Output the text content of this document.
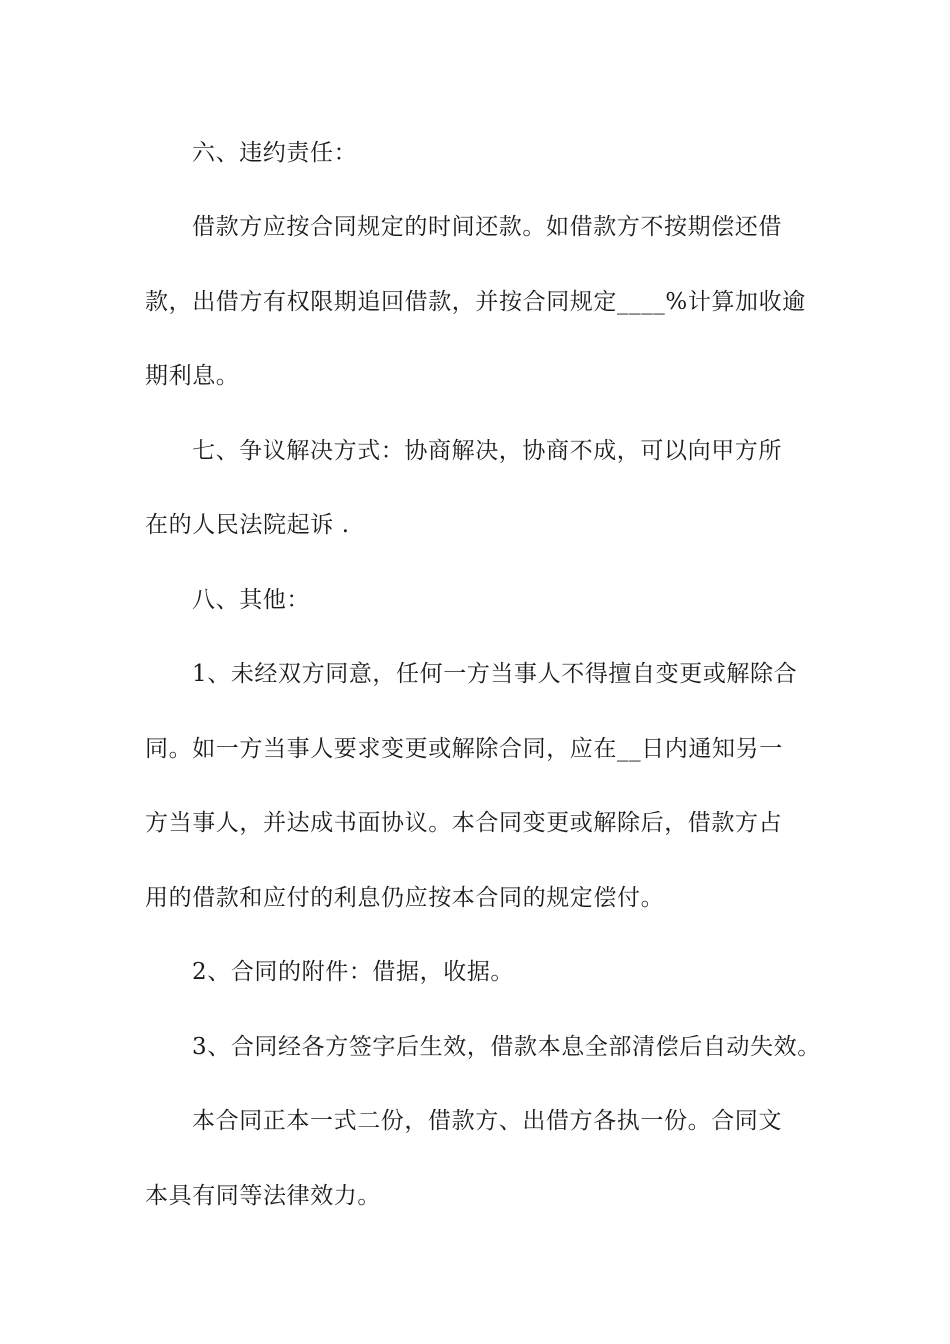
六、违约责任：
借款方应按合同规定的时间还款。如借款方不按期偿还借
款，出借方有权限期追回借款，并按合同规定____%计算加收逾
期利息。
七、争议解决方式：协商解决，协商不成，可以向甲方所
在的人民法院起诉 .
八、其他：
1、未经双方同意，任何一方当事人不得擅自变更或解除合
同。如一方当事人要求变更或解除合同，应在__日内通知另一
方当事人，并达成书面协议。本合同变更或解除后，借款方占
用的借款和应付的利息仍应按本合同的规定偿付。
2、合同的附件：借据，收据。
3、合同经各方签字后生效，借款本息全部清偿后自动失效。
本合同正本一式二份，借款方、出借方各执一份。合同文
本具有同等法律效力。
